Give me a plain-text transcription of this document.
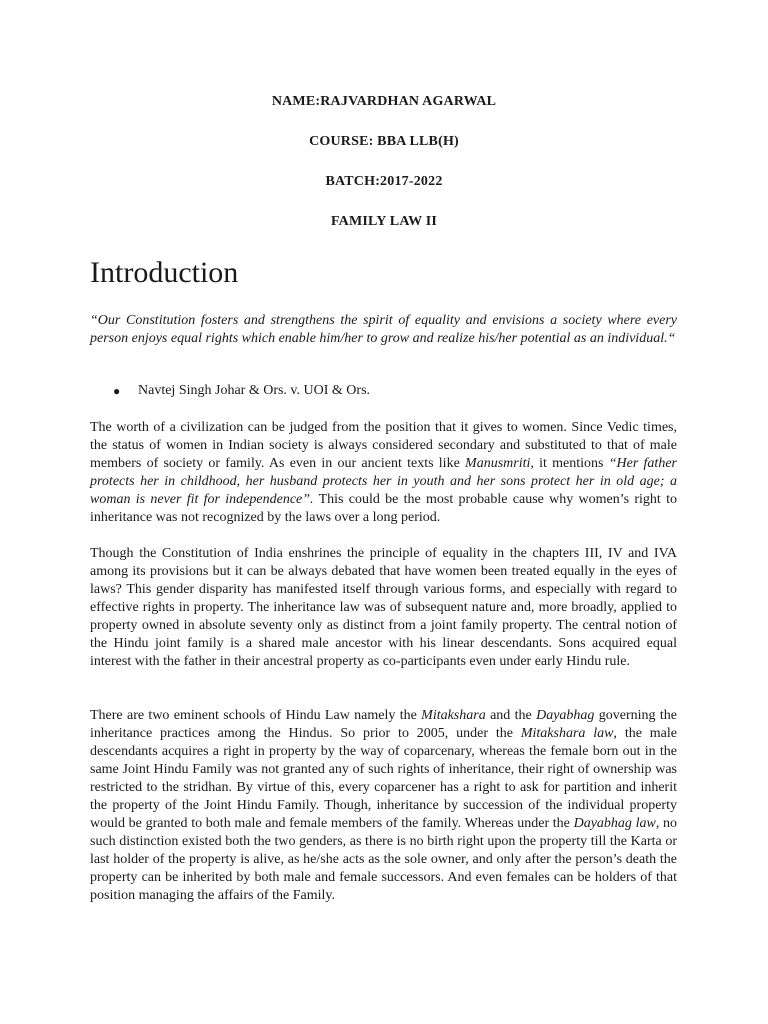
NAME:RAJVARDHAN AGARWAL
COURSE: BBA LLB(H)
BATCH:2017-2022
FAMILY LAW II
Introduction

“Our Constitution fosters and strengthens the spirit of equality and envisions a society where every person enjoys equal rights which enable him/her to grow and realize his/her potential as an individual.“

● Navtej Singh Johar & Ors. v. UOI & Ors.

The worth of a civilization can be judged from the position that it gives to women. Since Vedic times, the status of women in Indian society is always considered secondary and substituted to that of male members of society or family. As even in our ancient texts like Manusmriti, it mentions “Her father protects her in childhood, her husband protects her in youth and her sons protect her in old age; a woman is never fit for independence”. This could be the most probable cause why women’s right to inheritance was not recognized by the laws over a long period.

Though the Constitution of India enshrines the principle of equality in the chapters III, IV and IVA among its provisions but it can be always debated that have women been treated equally in the eyes of laws? This gender disparity has manifested itself through various forms, and especially with regard to effective rights in property. The inheritance law was of subsequent nature and, more broadly, applied to property owned in absolute seventy only as distinct from a joint family property. The central notion of the Hindu joint family is a shared male ancestor with his linear descendants. Sons acquired equal interest with the father in their ancestral property as co-participants even under early Hindu rule.

There are two eminent schools of Hindu Law namely the Mitakshara and the Dayabhag governing the inheritance practices among the Hindus. So prior to 2005, under the Mitakshara law, the male descendants acquires a right in property by the way of coparcenary, whereas the female born out in the same Joint Hindu Family was not granted any of such rights of inheritance, their right of ownership was restricted to the stridhan. By virtue of this, every coparcener has a right to ask for partition and inherit the property of the Joint Hindu Family. Though, inheritance by succession of the individual property would be granted to both male and female members of the family. Whereas under the Dayabhag law, no such distinction existed both the two genders, as there is no birth right upon the property till the Karta or last holder of the property is alive, as he/she acts as the sole owner, and only after the person’s death the property can be inherited by both male and female successors. And even females can be holders of that position managing the affairs of the Family.
